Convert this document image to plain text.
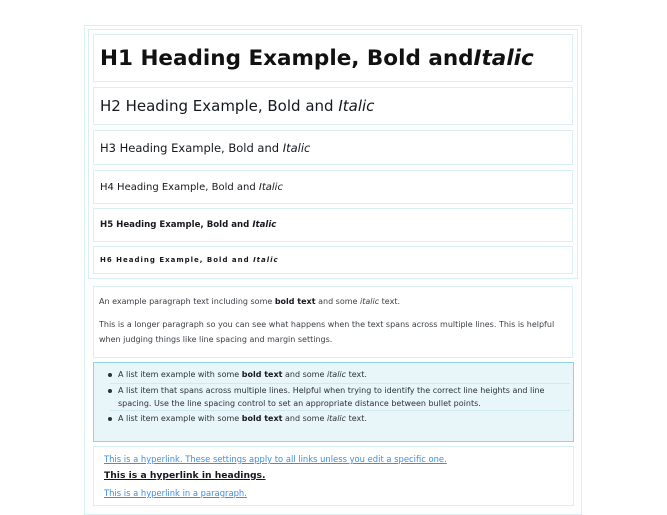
H1 Heading Example, Bold and Italic
H2 Heading Example, Bold and
Italic
H3 Heading Example, Bold and
Italic
H4 Heading Example, Bold and
Italic
H5 Heading Example, Bold and
Italic
H6 Heading Example, Bold and
Italic
An example paragraph text including some bold text and some italic text.
This is a longer paragraph so you can see what happens when the text spans across multiple lines. This is helpful when judging things like line spacing and margin settings.
A list item example with some bold text and some italic text.
A list item that spans across multiple lines. Helpful when trying to identify the correct line heights and line spacing. Use the line spacing control to set an appropriate distance between bullet points.
A list item example with some bold text and some italic text.
This is a hyperlink. These settings apply to all links unless you edit a specific one.
This is a hyperlink in headings.
This is a hyperlink in a paragraph.
